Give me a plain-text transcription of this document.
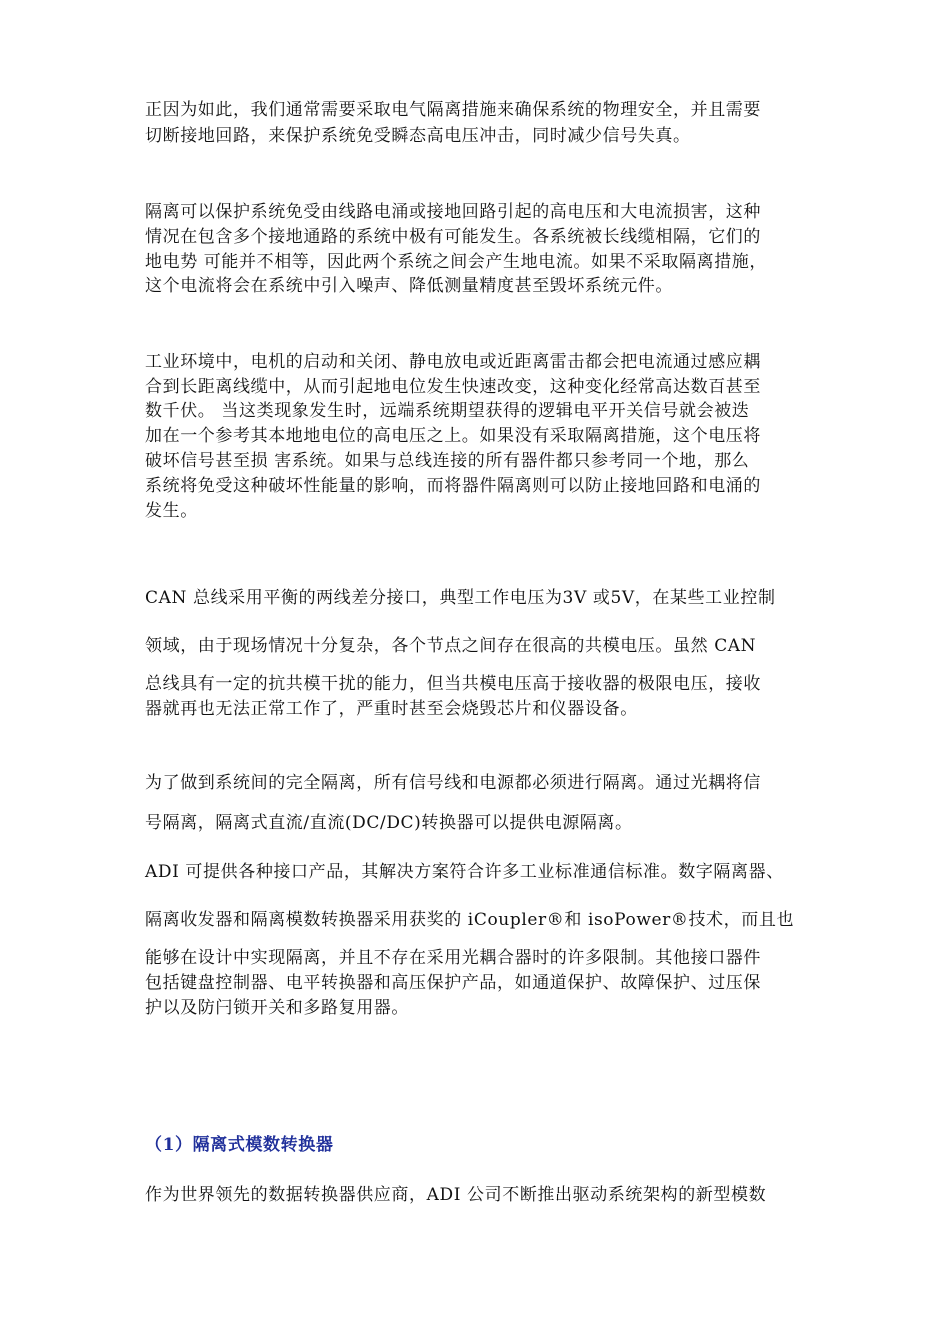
正因为如此，我们通常需要采取电气隔离措施来确保系统的物理安全，并且需要
切断接地回路，来保护系统免受瞬态高电压冲击，同时减少信号失真。
隔离可以保护系统免受由线路电涌或接地回路引起的高电压和大电流损害，这种
情况在包含多个接地通路的系统中极有可能发生。各系统被长线缆相隔，它们的
地电势 可能并不相等，因此两个系统之间会产生地电流。如果不采取隔离措施，
这个电流将会在系统中引入噪声、降低测量精度甚至毁坏系统元件。
工业环境中，电机的启动和关闭、静电放电或近距离雷击都会把电流通过感应耦
合到长距离线缆中，从而引起地电位发生快速改变，这种变化经常高达数百甚至
数千伏。 当这类现象发生时，远端系统期望获得的逻辑电平开关信号就会被迭
加在一个参考其本地地电位的高电压之上。如果没有采取隔离措施，这个电压将
破坏信号甚至损 害系统。如果与总线连接的所有器件都只参考同一个地，那么
系统将免受这种破坏性能量的影响，而将器件隔离则可以防止接地回路和电涌的
发生。
CAN 总线采用平衡的两线差分接口，典型工作电压为3V 或5V，在某些工业控制
领域，由于现场情况十分复杂，各个节点之间存在很高的共模电压。虽然 CAN
总线具有一定的抗共模干扰的能力，但当共模电压高于接收器的极限电压，接收
器就再也无法正常工作了，严重时甚至会烧毁芯片和仪器设备。
为了做到系统间的完全隔离，所有信号线和电源都必须进行隔离。通过光耦将信
号隔离，隔离式直流/直流(DC/DC)转换器可以提供电源隔离。
ADI 可提供各种接口产品，其解决方案符合许多工业标准通信标准。数字隔离器、
隔离收发器和隔离模数转换器采用获奖的 iCoupler®和 isoPower®技术，而且也
能够在设计中实现隔离，并且不存在采用光耦合器时的许多限制。其他接口器件
包括键盘控制器、电平转换器和高压保护产品，如通道保护、故障保护、过压保
护以及防闩锁开关和多路复用器。
（1）隔离式模数转换器
作为世界领先的数据转换器供应商，ADI 公司不断推出驱动系统架构的新型模数
